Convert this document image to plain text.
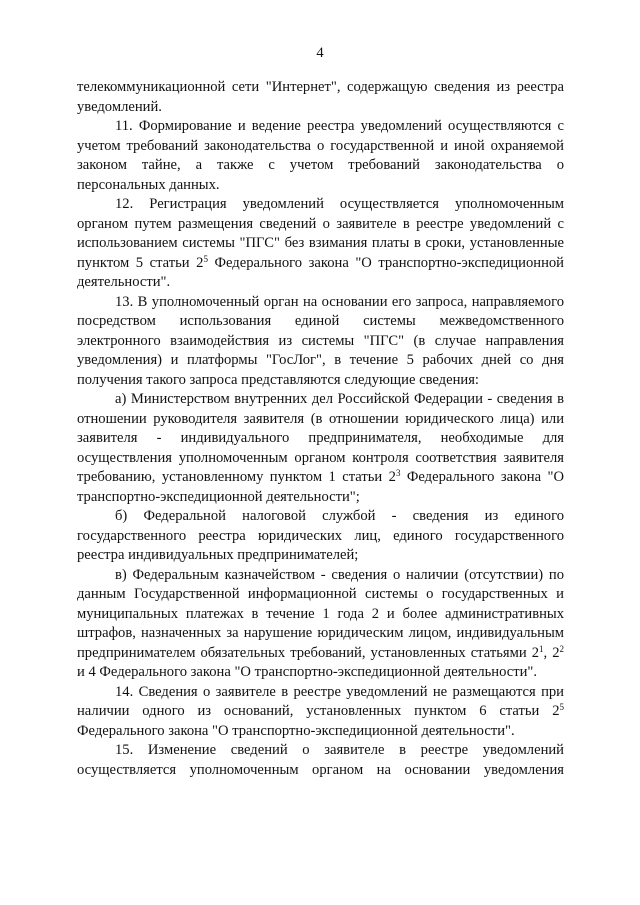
4

телекоммуникационной сети "Интернет", содержащую сведения из реестра уведомлений.

11. Формирование и ведение реестра уведомлений осуществляются с учетом требований законодательства о государственной и иной охраняемой законом тайне, а также с учетом требований законодательства о персональных данных.

12. Регистрация уведомлений осуществляется уполномоченным органом путем размещения сведений о заявителе в реестре уведомлений с использованием системы "ПГС" без взимания платы в сроки, установленные пунктом 5 статьи $2^5$ Федерального закона "О транспортно-экспедиционной деятельности".

13. В уполномоченный орган на основании его запроса, направляемого посредством использования единой системы межведомственного электронного взаимодействия из системы "ПГС" (в случае направления уведомления) и платформы "ГосЛог", в течение 5 рабочих дней со дня получения такого запроса представляются следующие сведения:

а) Министерством внутренних дел Российской Федерации - сведения в отношении руководителя заявителя (в отношении юридического лица) или заявителя - индивидуального предпринимателя, необходимые для осуществления уполномоченным органом контроля соответствия заявителя требованию, установленному пунктом 1 статьи $2^3$ Федерального закона "О транспортно-экспедиционной деятельности";

б) Федеральной налоговой службой - сведения из единого государственного реестра юридических лиц, единого государственного реестра индивидуальных предпринимателей;

в) Федеральным казначейством - сведения о наличии (отсутствии) по данным Государственной информационной системы о государственных и муниципальных платежах в течение 1 года 2 и более административных штрафов, назначенных за нарушение юридическим лицом, индивидуальным предпринимателем обязательных требований, установленных статьями $2^1$, $2^2$ и 4 Федерального закона "О транспортно-экспедиционной деятельности".

14. Сведения о заявителе в реестре уведомлений не размещаются при наличии одного из оснований, установленных пунктом 6 статьи $2^5$ Федерального закона "О транспортно-экспедиционной деятельности".

15. Изменение сведений о заявителе в реестре уведомлений осуществляется уполномоченным органом на основании уведомления
